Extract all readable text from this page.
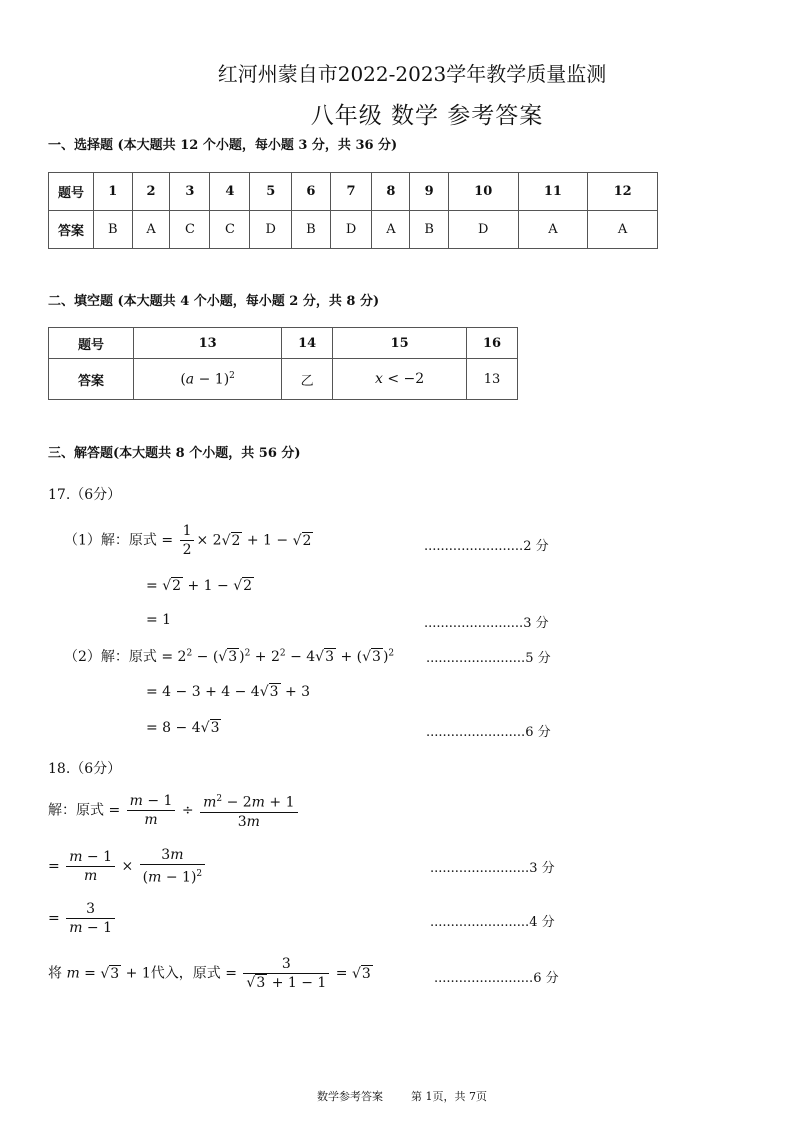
红河州蒙自市2022-2023学年教学质量监测
八年级 数学 参考答案
一、选择题 (本大题共 12 个小题，每小题 3 分，共 36 分)
题号	1	2	3	4	5	6	7	8	9	10	11	12
答案	B	A	C	C	D	B	D	A	B	D	A	A
二、填空题 (本大题共 4 个小题，每小题 2 分，共 8 分)
题号	13	14	15	16
答案	$(a - 1)^2$	乙	x < −2	13
三、解答题(本大题共 8 个小题，共 56 分)
17.（6分）
（1）解：原式 = $\frac{1}{2} \times 2√2 + 1 - √2$	........................2 分
= √2 + 1 − √2
= 1	........................3 分
（2）解：原式 = $2^2 - (√3$ )$^2 + 2^2 - 4√3 + (√3$ )$^2$ ........................5 分
= 4 − 3 + 4 − 4√3 + 3
= 8 − 4√3	........................6 分
18.（6分）
解：原式 = $\frac{m - 1}{m} \div \frac{m^2 - 2m + 1}{3m}$
= $\frac{m - 1}{m} \times \frac{3m}{(m - 1)^2}$	........................3 分
= $\frac{3}{m - 1}$	........................4 分
将 m = √3 + 1代入，原式 = $\frac{3}{√3 + 1 - 1} = √3$	........................6 分
数学参考答案	第 1页，共 7页
